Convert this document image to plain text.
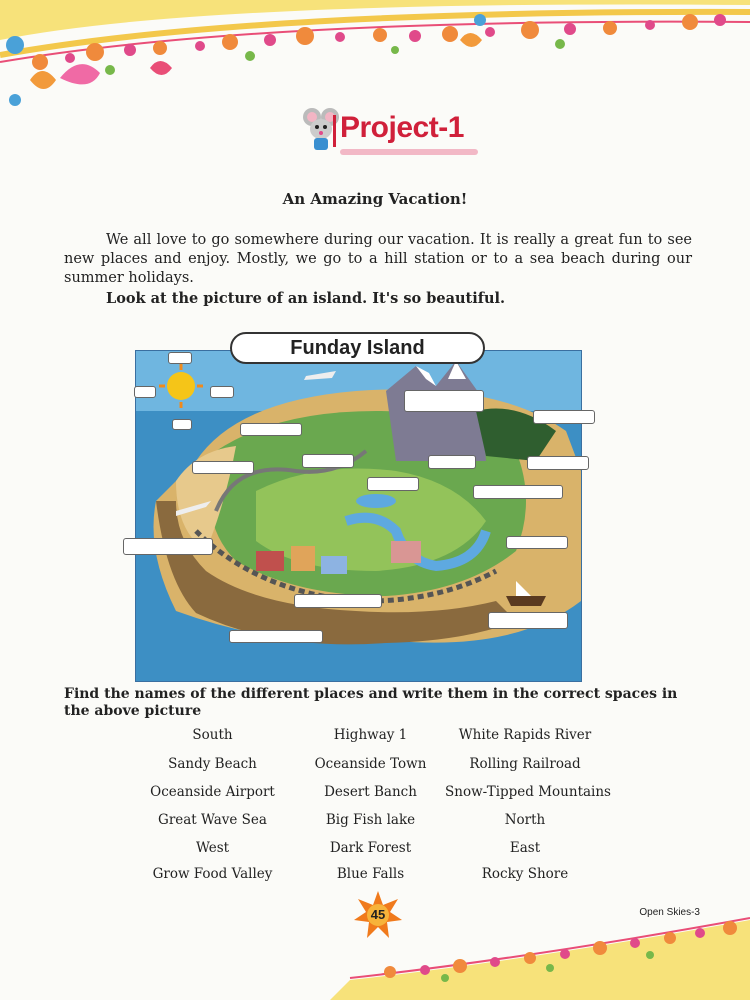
Project-1
An Amazing Vacation!
We all love to go somewhere during our vacation. It is really a great fun to see new places and enjoy. Mostly, we go to a hill station or to a sea beach during our summer holidays.
Look at the picture of an island. It's so beautiful.
Funday Island
Find the names of the different places and write them in the correct spaces in the above picture
South	Highway 1	White Rapids River
Sandy Beach	Oceanside Town	Rolling Railroad
Oceanside Airport	Desert Banch	Snow-Tipped Mountains
Great Wave Sea	Big Fish lake	North
West	Dark Forest	East
Grow Food Valley	Blue Falls	Rocky Shore
45	Open Skies-3
